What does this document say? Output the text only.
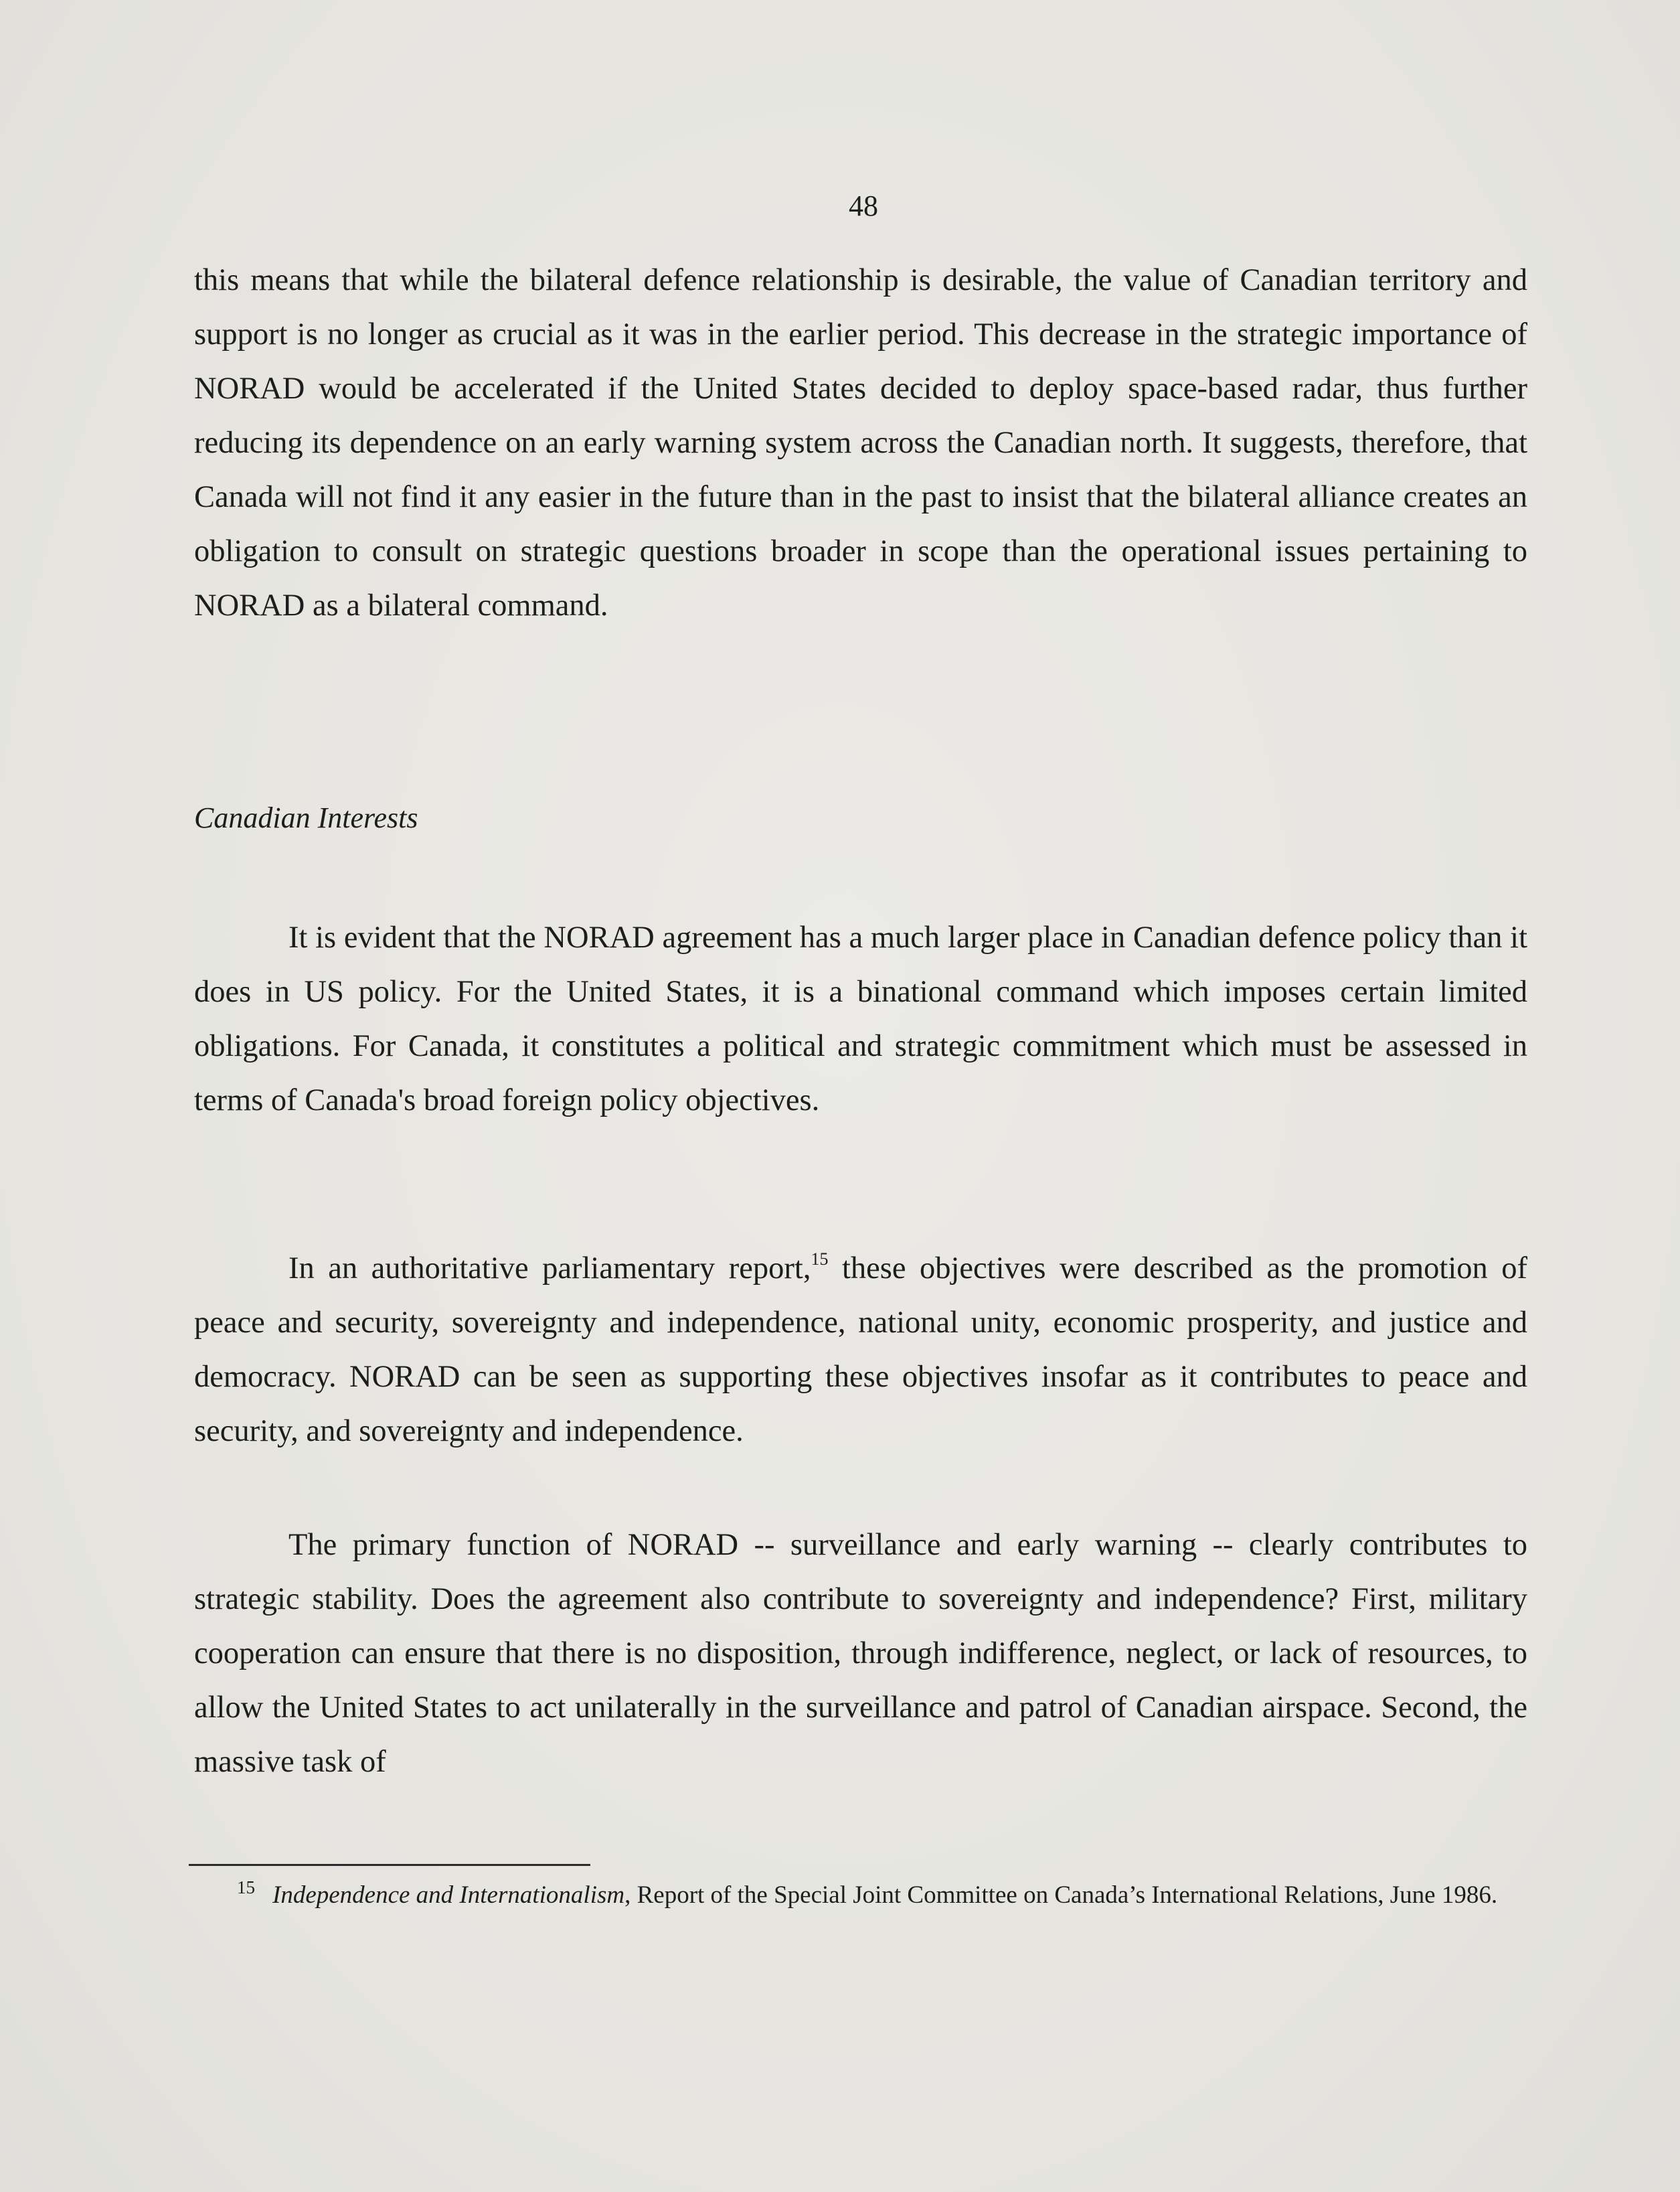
48

this means that while the bilateral defence relationship is desirable, the value of Canadian territory and support is no longer as crucial as it was in the earlier period. This decrease in the strategic importance of NORAD would be accelerated if the United States decided to deploy space-based radar, thus further reducing its dependence on an early warning system across the Canadian north. It suggests, therefore, that Canada will not find it any easier in the future than in the past to insist that the bilateral alliance creates an obligation to consult on strategic questions broader in scope than the operational issues pertaining to NORAD as a bilateral command.

Canadian Interests

It is evident that the NORAD agreement has a much larger place in Canadian defence policy than it does in US policy. For the United States, it is a binational command which imposes certain limited obligations. For Canada, it constitutes a political and strategic commitment which must be assessed in terms of Canada's broad foreign policy objectives.

In an authoritative parliamentary report,$^{15}$ these objectives were described as the promotion of peace and security, sovereignty and independence, national unity, economic prosperity, and justice and democracy. NORAD can be seen as supporting these objectives insofar as it contributes to peace and security, and sovereignty and independence.

The primary function of NORAD -- surveillance and early warning -- clearly contributes to strategic stability. Does the agreement also contribute to sovereignty and independence? First, military cooperation can ensure that there is no disposition, through indifference, neglect, or lack of resources, to allow the United States to act unilaterally in the surveillance and patrol of Canadian airspace. Second, the massive task of

$^{15}$ Independence and Internationalism, Report of the Special Joint Committee on Canada’s International Relations, June 1986.
